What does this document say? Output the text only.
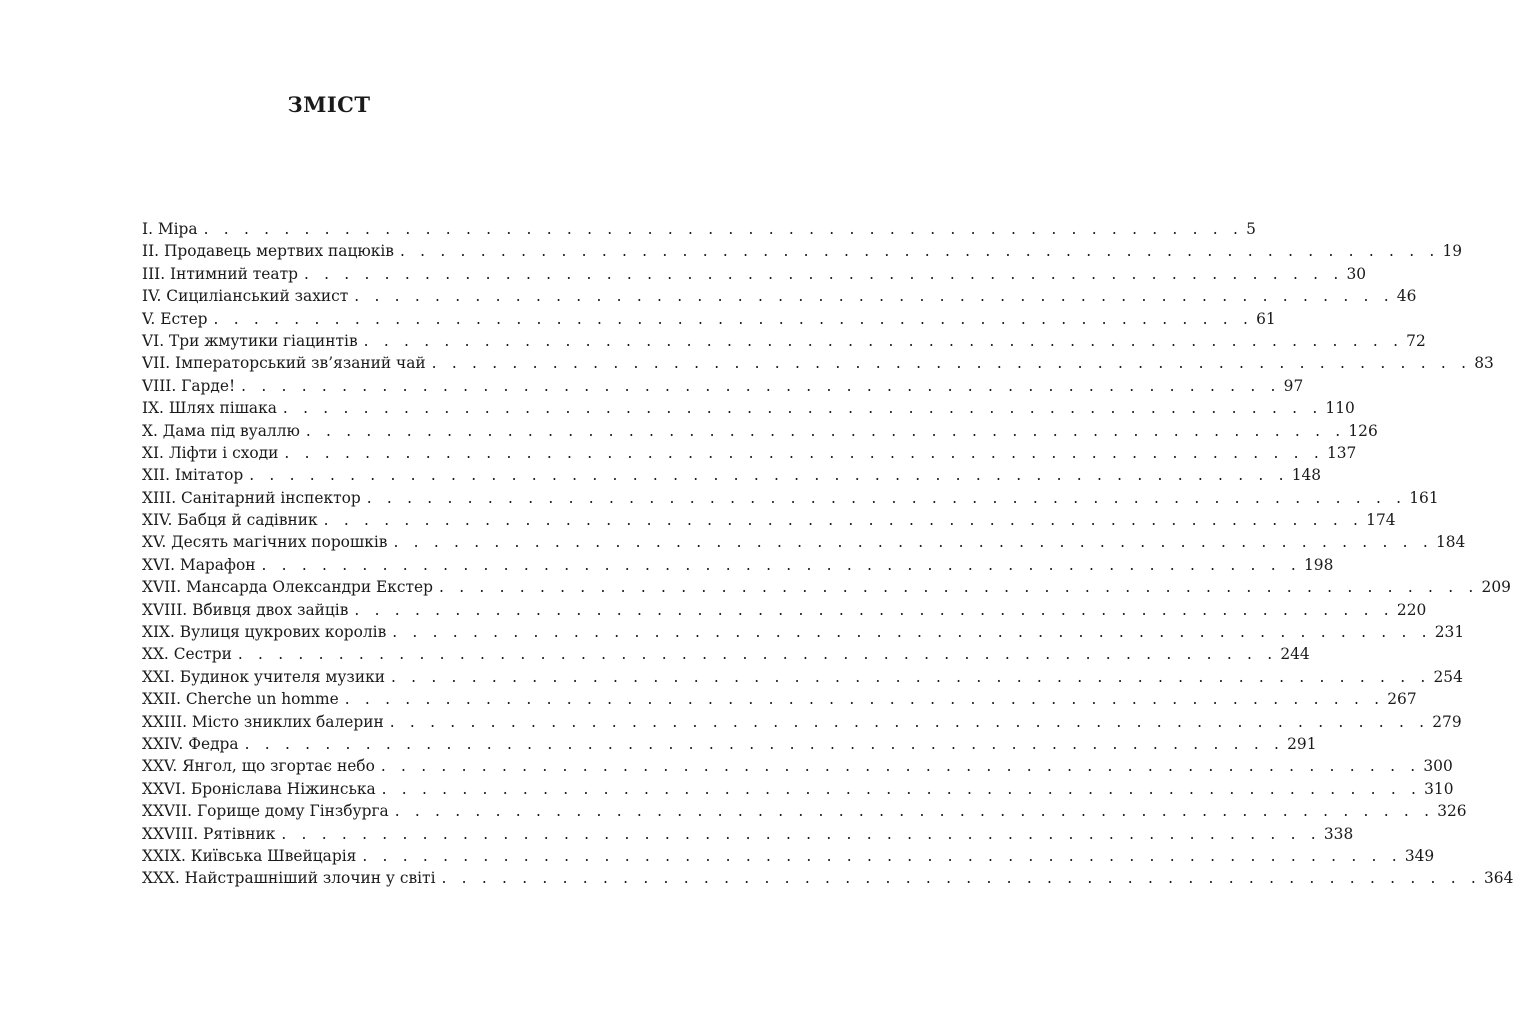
ЗМІСТ
I. Міра . . . . . . . . . . . . . . . . . . . . . . . . . . . . . . . . . . . . . . . . . . . . . . . . . . . . 5
II. Продавець мертвих пацюків . . . . . . . . . . . . . . . . . . . . . . . . . . . . . . . . . . . . . . . . . . . . . . . . . . . . 19
III. Інтимний театр . . . . . . . . . . . . . . . . . . . . . . . . . . . . . . . . . . . . . . . . . . . . . . . . . . . . 30
IV. Сициліанський захист . . . . . . . . . . . . . . . . . . . . . . . . . . . . . . . . . . . . . . . . . . . . . . . . . . . . 46
V. Естер . . . . . . . . . . . . . . . . . . . . . . . . . . . . . . . . . . . . . . . . . . . . . . . . . . . . 61
VI. Три жмутики гіацинтів . . . . . . . . . . . . . . . . . . . . . . . . . . . . . . . . . . . . . . . . . . . . . . . . . . . . 72
VII. Імператорський зв’язаний чай . . . . . . . . . . . . . . . . . . . . . . . . . . . . . . . . . . . . . . . . . . . . . . . . . . . . 83
VIII. Гарде! . . . . . . . . . . . . . . . . . . . . . . . . . . . . . . . . . . . . . . . . . . . . . . . . . . . . 97
IX. Шлях пішака . . . . . . . . . . . . . . . . . . . . . . . . . . . . . . . . . . . . . . . . . . . . . . . . . . . . 110
X. Дама під вуаллю . . . . . . . . . . . . . . . . . . . . . . . . . . . . . . . . . . . . . . . . . . . . . . . . . . . . 126
XI. Ліфти і сходи . . . . . . . . . . . . . . . . . . . . . . . . . . . . . . . . . . . . . . . . . . . . . . . . . . . . 137
XII. Імітатор . . . . . . . . . . . . . . . . . . . . . . . . . . . . . . . . . . . . . . . . . . . . . . . . . . . . 148
XIII. Санітарний інспектор . . . . . . . . . . . . . . . . . . . . . . . . . . . . . . . . . . . . . . . . . . . . . . . . . . . . 161
XIV. Бабця й садівник . . . . . . . . . . . . . . . . . . . . . . . . . . . . . . . . . . . . . . . . . . . . . . . . . . . . 174
XV. Десять магічних порошків . . . . . . . . . . . . . . . . . . . . . . . . . . . . . . . . . . . . . . . . . . . . . . . . . . . . 184
XVI. Марафон . . . . . . . . . . . . . . . . . . . . . . . . . . . . . . . . . . . . . . . . . . . . . . . . . . . . 198
XVII. Мансарда Олександри Екстер . . . . . . . . . . . . . . . . . . . . . . . . . . . . . . . . . . . . . . . . . . . . . . . . . . . . 209
XVIII. Вбивця двох зайців . . . . . . . . . . . . . . . . . . . . . . . . . . . . . . . . . . . . . . . . . . . . . . . . . . . . 220
XIX. Вулиця цукрових королів . . . . . . . . . . . . . . . . . . . . . . . . . . . . . . . . . . . . . . . . . . . . . . . . . . . . 231
XX. Сестри . . . . . . . . . . . . . . . . . . . . . . . . . . . . . . . . . . . . . . . . . . . . . . . . . . . . 244
XXI. Будинок учителя музики . . . . . . . . . . . . . . . . . . . . . . . . . . . . . . . . . . . . . . . . . . . . . . . . . . . . 254
XXII. Cherche un homme . . . . . . . . . . . . . . . . . . . . . . . . . . . . . . . . . . . . . . . . . . . . . . . . . . . . 267
XXIII. Місто зниклих балерин . . . . . . . . . . . . . . . . . . . . . . . . . . . . . . . . . . . . . . . . . . . . . . . . . . . . 279
XXIV. Федра . . . . . . . . . . . . . . . . . . . . . . . . . . . . . . . . . . . . . . . . . . . . . . . . . . . . 291
XXV. Янгол, що згортає небо . . . . . . . . . . . . . . . . . . . . . . . . . . . . . . . . . . . . . . . . . . . . . . . . . . . . 300
XXVI. Броніслава Ніжинська . . . . . . . . . . . . . . . . . . . . . . . . . . . . . . . . . . . . . . . . . . . . . . . . . . . . 310
XXVII. Горище дому Гінзбурга . . . . . . . . . . . . . . . . . . . . . . . . . . . . . . . . . . . . . . . . . . . . . . . . . . . . 326
XXVIII. Рятівник . . . . . . . . . . . . . . . . . . . . . . . . . . . . . . . . . . . . . . . . . . . . . . . . . . . . 338
XXIX. Київська Швейцарія . . . . . . . . . . . . . . . . . . . . . . . . . . . . . . . . . . . . . . . . . . . . . . . . . . . . 349
XXX. Найстрашніший злочин у світі . . . . . . . . . . . . . . . . . . . . . . . . . . . . . . . . . . . . . . . . . . . . . . . . . . . . 364
